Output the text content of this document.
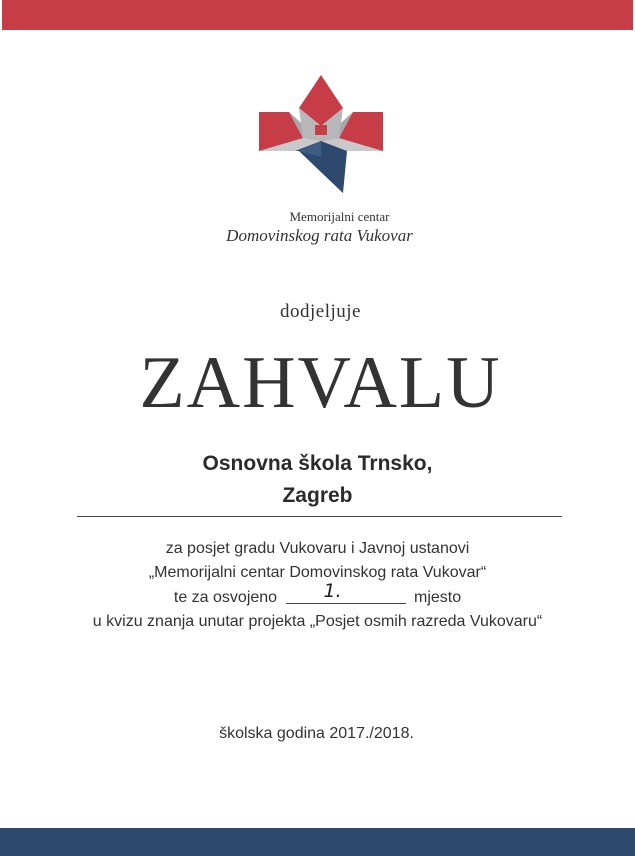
Memorijalni centar
Domovinskog rata Vukovar
dodjeljuje
ZAHVALU
Osnovna škola Trnsko,
Zagreb
za posjet gradu Vukovaru i Javnoj ustanovi
„Memorijalni centar Domovinskog rata Vukovar“
te za osvojeno 1.	mjesto
u kvizu znanja unutar projekta „Posjet osmih razreda Vukovaru“
školska godina 2017./2018.
